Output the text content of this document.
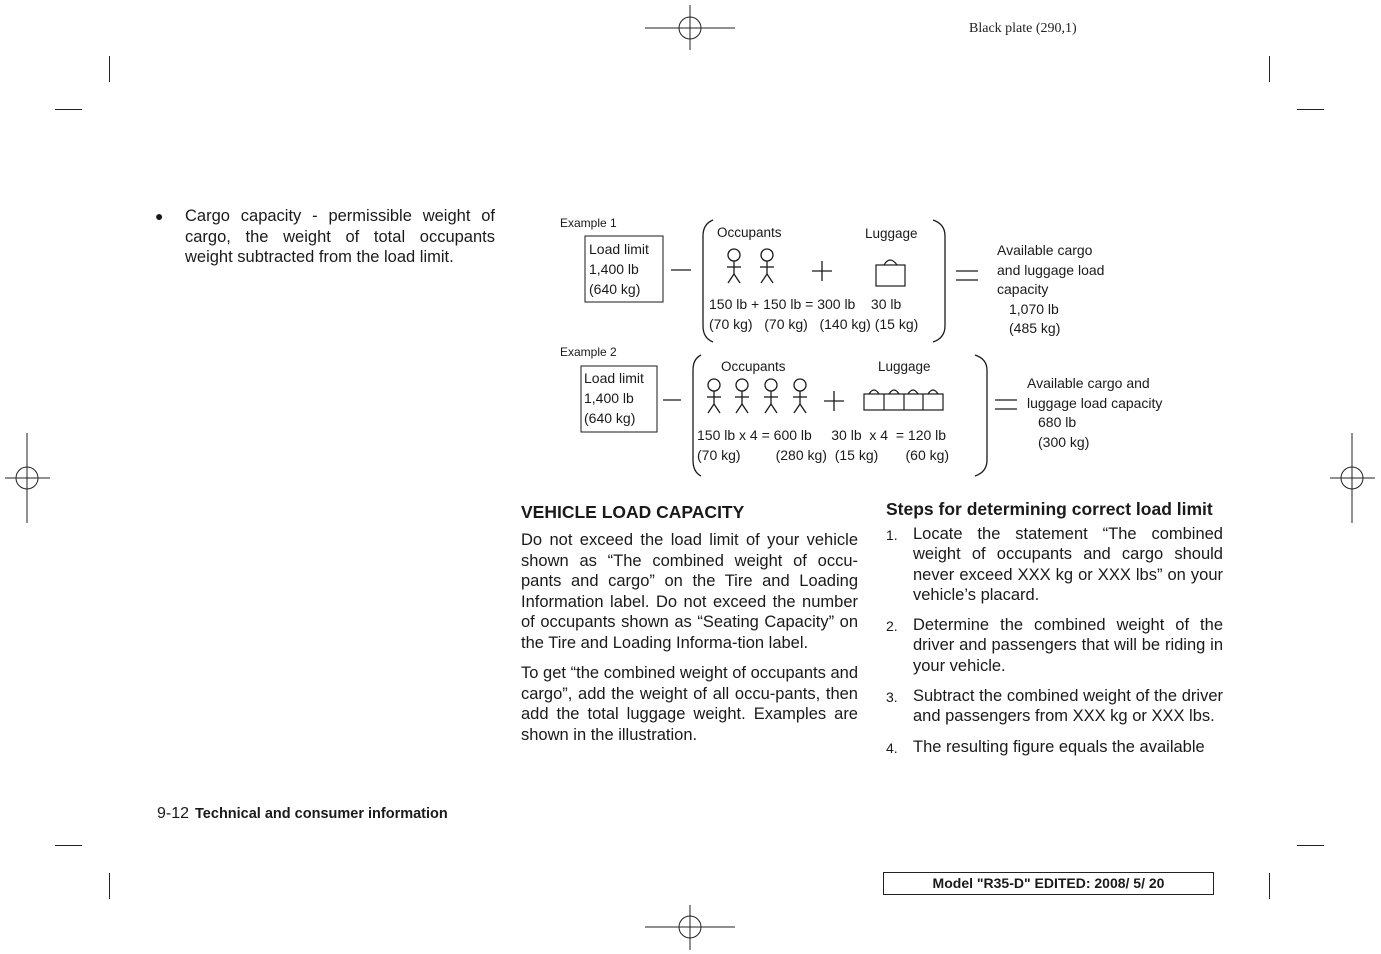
Black plate (290,1)
● Cargo capacity - permissible weight of cargo, the weight of total occupants weight subtracted from the load limit.
Example 1
Load limit
1,400 lb
(640 kg)
Occupants	Luggage
150 lb + 150 lb = 300 lb    30 lb
(70 kg)   (70 kg)   (140 kg) (15 kg)
Available cargo
and luggage load
capacity
1,070 lb
(485 kg)
Example 2
Load limit
1,400 lb
(640 kg)
Occupants	Luggage
150 lb x 4 = 600 lb     30 lb  x 4  = 120 lb
(70 kg)         (280 kg)  (15 kg)       (60 kg)
Available cargo and
luggage load capacity
680 lb
(300 kg)
VEHICLE LOAD CAPACITY

Do not exceed the load limit of your vehicle shown as “The combined weight of occu-pants and cargo” on the Tire and Loading Information label. Do not exceed the number of occupants shown as “Seating Capacity” on the Tire and Loading Informa-tion label.

To get “the combined weight of occupants and cargo”, add the weight of all occu-pants, then add the total luggage weight. Examples are shown in the illustration.

Steps for determining correct load limit
1. Locate the statement “The combined weight of occupants and cargo should never exceed XXX kg or XXX lbs” on your vehicle’s placard.
2. Determine the combined weight of the driver and passengers that will be riding in your vehicle.
3. Subtract the combined weight of the driver and passengers from XXX kg or XXX lbs.
4. The resulting figure equals the available
9-12 Technical and consumer information
Model "R35-D" EDITED: 2008/ 5/ 20
